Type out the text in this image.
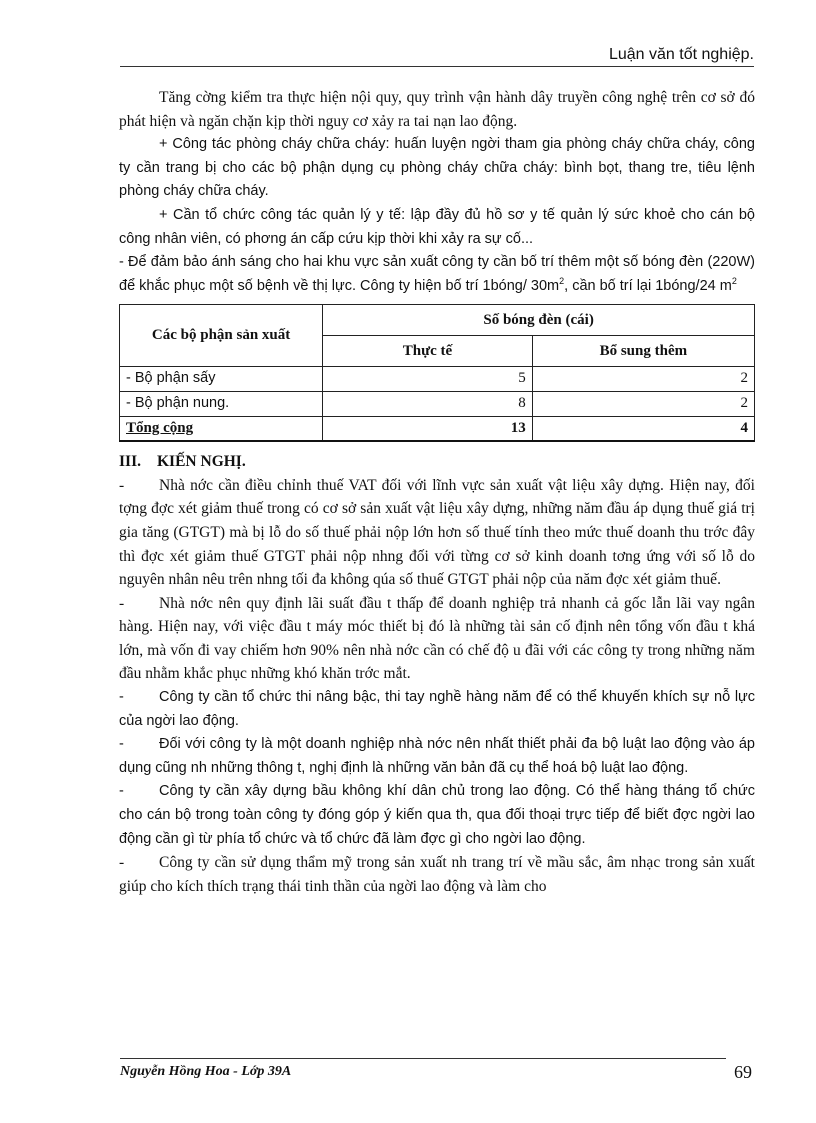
Luận văn tốt nghiệp.

Tăng cờng kiểm tra thực hiện nội quy, quy trình vận hành dây truyền công nghệ trên cơ sở đó phát hiện và ngăn chặn kịp thời nguy cơ xảy ra tai nạn lao động.

+ Công tác phòng cháy chữa cháy: huấn luyện ngời tham gia phòng cháy chữa cháy, công ty cần trang bị cho các bộ phận dụng cụ phòng cháy chữa cháy: bình bọt, thang tre, tiêu lệnh phòng cháy chữa cháy.

+ Cần tổ chức công tác quản lý y tế: lập đầy đủ hồ sơ y tế quản lý sức khoẻ cho cán bộ công nhân viên, có phơng án cấp cứu kịp thời khi xảy ra sự cố...

- Để đảm bảo ánh sáng cho hai khu vực sản xuất công ty cần bố trí thêm một số bóng đèn (220W) để khắc phục một số bệnh về thị lực. Công ty hiện bố trí 1bóng/ $30m^2$, cần bố trí lại 1bóng/24 $m^2$

Các bộ phận sản xuất	Số bóng đèn (cái)	
	Thực tế	Bổ sung thêm
- Bộ phận sấy	5	2
- Bộ phận nung.	8	2
Tổng cộng	13	4

III. KIẾN NGHỊ.

- Nhà nớc cần điều chỉnh thuế VAT đối với lĩnh vực sản xuất vật liệu xây dựng. Hiện nay, đối tợng đợc xét giảm thuế trong có cơ sở sản xuất vật liệu xây dựng, những năm đầu áp dụng thuế giá trị gia tăng (GTGT) mà bị lỗ do số thuế phải nộp lớn hơn số thuế tính theo mức thuế doanh thu trớc đây thì đợc xét giảm thuế GTGT phải nộp nhng đối với từng cơ sở kinh doanh tơng ứng với số lỗ do nguyên nhân nêu trên nhng tối đa không qúa số thuế GTGT phải nộp của năm đợc xét giảm thuế.

- Nhà nớc nên quy định lãi suất đầu t thấp để doanh nghiệp trả nhanh cả gốc lẫn lãi vay ngân hàng. Hiện nay, với việc đầu t máy móc thiết bị đó là những tài sản cố định nên tổng vốn đầu t khá lớn, mà vốn đi vay chiếm hơn 90% nên nhà nớc cần có chế độ u đãi với các công ty trong những năm đầu nhằm khắc phục những khó khăn trớc mắt.

- Công ty cần tổ chức thi nâng bậc, thi tay nghề hàng năm để có thể khuyến khích sự nỗ lực của ngời lao động.

- Đối với công ty là một doanh nghiệp nhà nớc nên nhất thiết phải đa bộ luật lao động vào áp dụng cũng nh những thông t, nghị định là những văn bản đã cụ thể hoá bộ luật lao động.

- Công ty cần xây dựng bầu không khí dân chủ trong lao động. Có thể hàng tháng tổ chức cho cán bộ trong toàn công ty đóng góp ý kiến qua th, qua đối thoại trực tiếp để biết đợc ngời lao động cần gì từ phía tổ chức và tổ chức đã làm đợc gì cho ngời lao động.

- Công ty cần sử dụng thẩm mỹ trong sản xuất nh trang trí về mầu sắc, âm nhạc trong sản xuất giúp cho kích thích trạng thái tinh thần của ngời lao động và làm cho

Nguyễn Hồng Hoa - Lớp 39A	69
